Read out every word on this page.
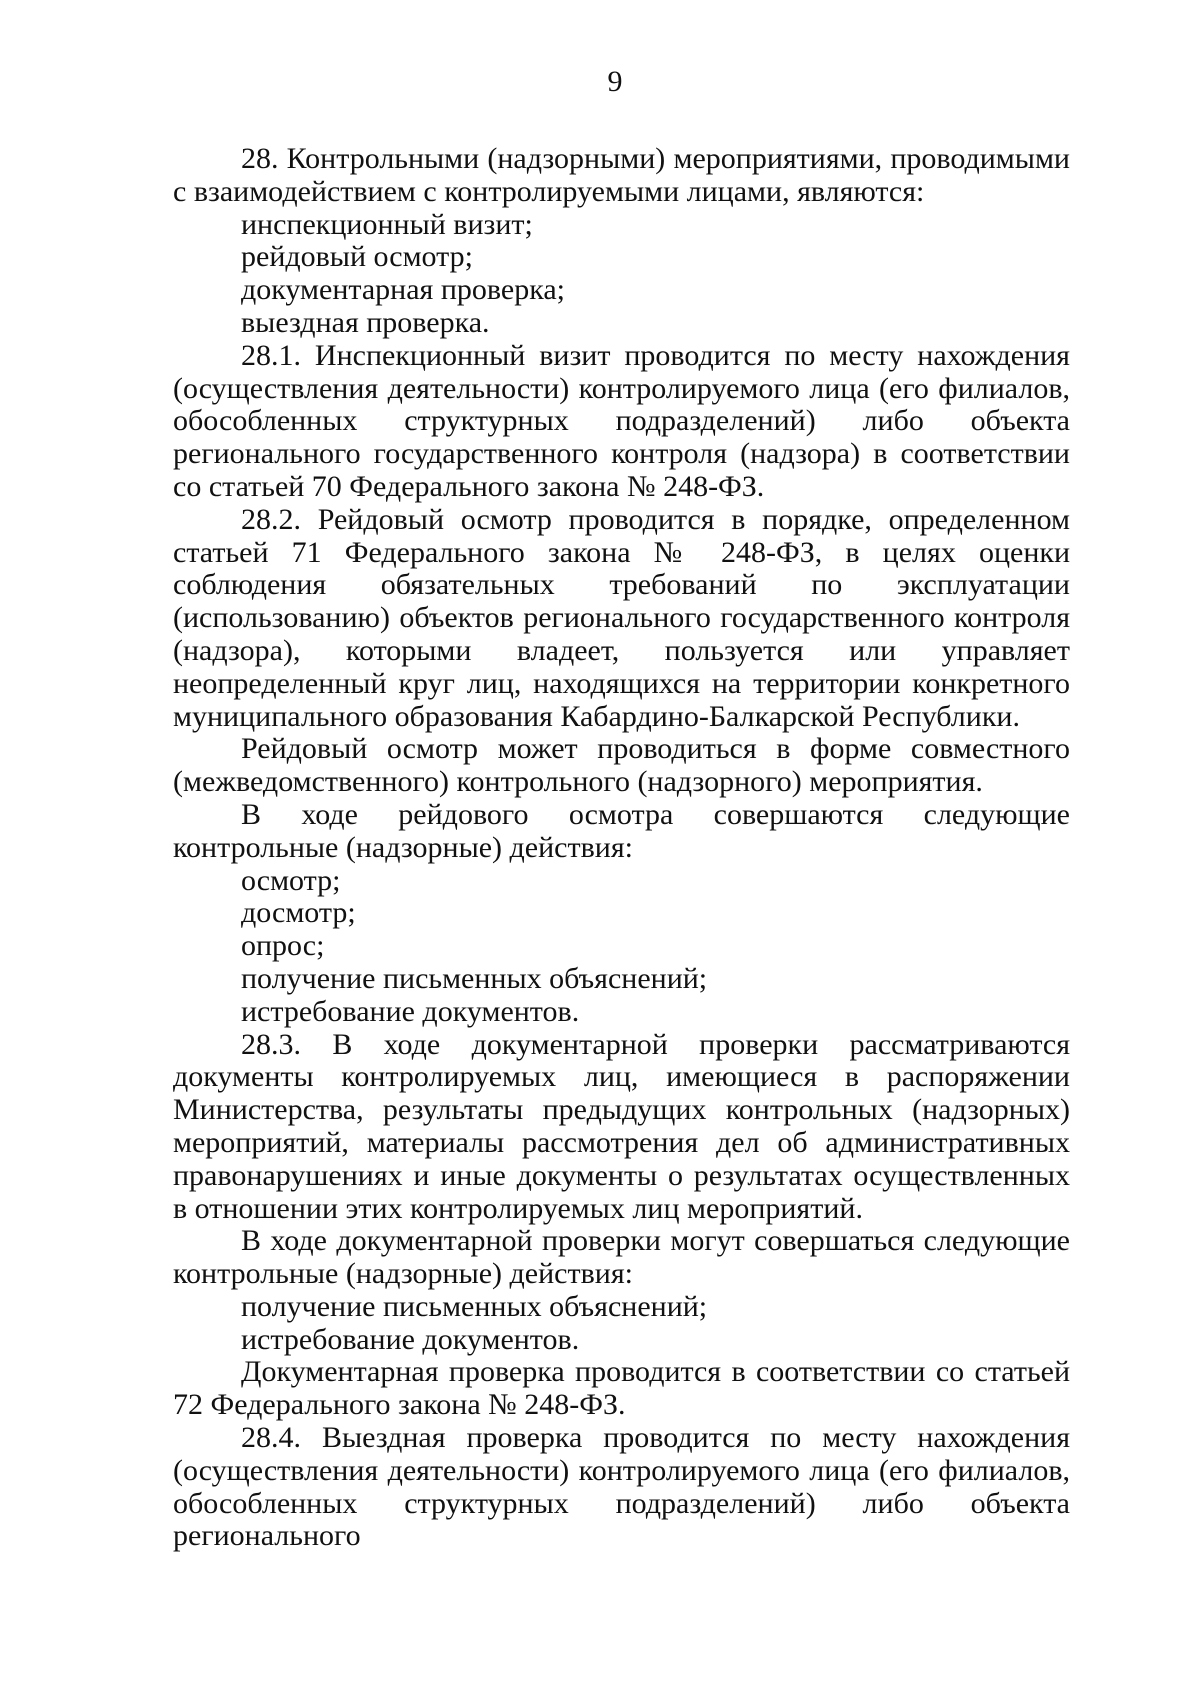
9

28. Контрольными (надзорными) мероприятиями, проводимыми с взаимодействием с контролируемыми лицами, являются:

инспекционный визит;

рейдовый осмотр;

документарная проверка;

выездная проверка.

28.1. Инспекционный визит проводится по месту нахождения (осуществления деятельности) контролируемого лица (его филиалов, обособленных структурных подразделений) либо объекта регионального государственного контроля (надзора) в соответствии со статьей 70 Федерального закона № 248-ФЗ.

28.2. Рейдовый осмотр проводится в порядке, определенном статьей 71 Федерального закона № 248-ФЗ, в целях оценки соблюдения обязательных требований по эксплуатации (использованию) объектов регионального государственного контроля (надзора), которыми владеет, пользуется или управляет неопределенный круг лиц, находящихся на территории конкретного муниципального образования Кабардино-Балкарской Республики.

Рейдовый осмотр может проводиться в форме совместного (межведомственного) контрольного (надзорного) мероприятия.

В ходе рейдового осмотра совершаются следующие контрольные (надзорные) действия:

осмотр;

досмотр;

опрос;

получение письменных объяснений;

истребование документов.

28.3. В ходе документарной проверки рассматриваются документы контролируемых лиц, имеющиеся в распоряжении Министерства, результаты предыдущих контрольных (надзорных) мероприятий, материалы рассмотрения дел об административных правонарушениях и иные документы о результатах осуществленных в отношении этих контролируемых лиц мероприятий.

В ходе документарной проверки могут совершаться следующие контрольные (надзорные) действия:

получение письменных объяснений;

истребование документов.

Документарная проверка проводится в соответствии со статьей 72 Федерального закона № 248-ФЗ.

28.4. Выездная проверка проводится по месту нахождения (осуществления деятельности) контролируемого лица (его филиалов, обособленных структурных подразделений) либо объекта регионального
